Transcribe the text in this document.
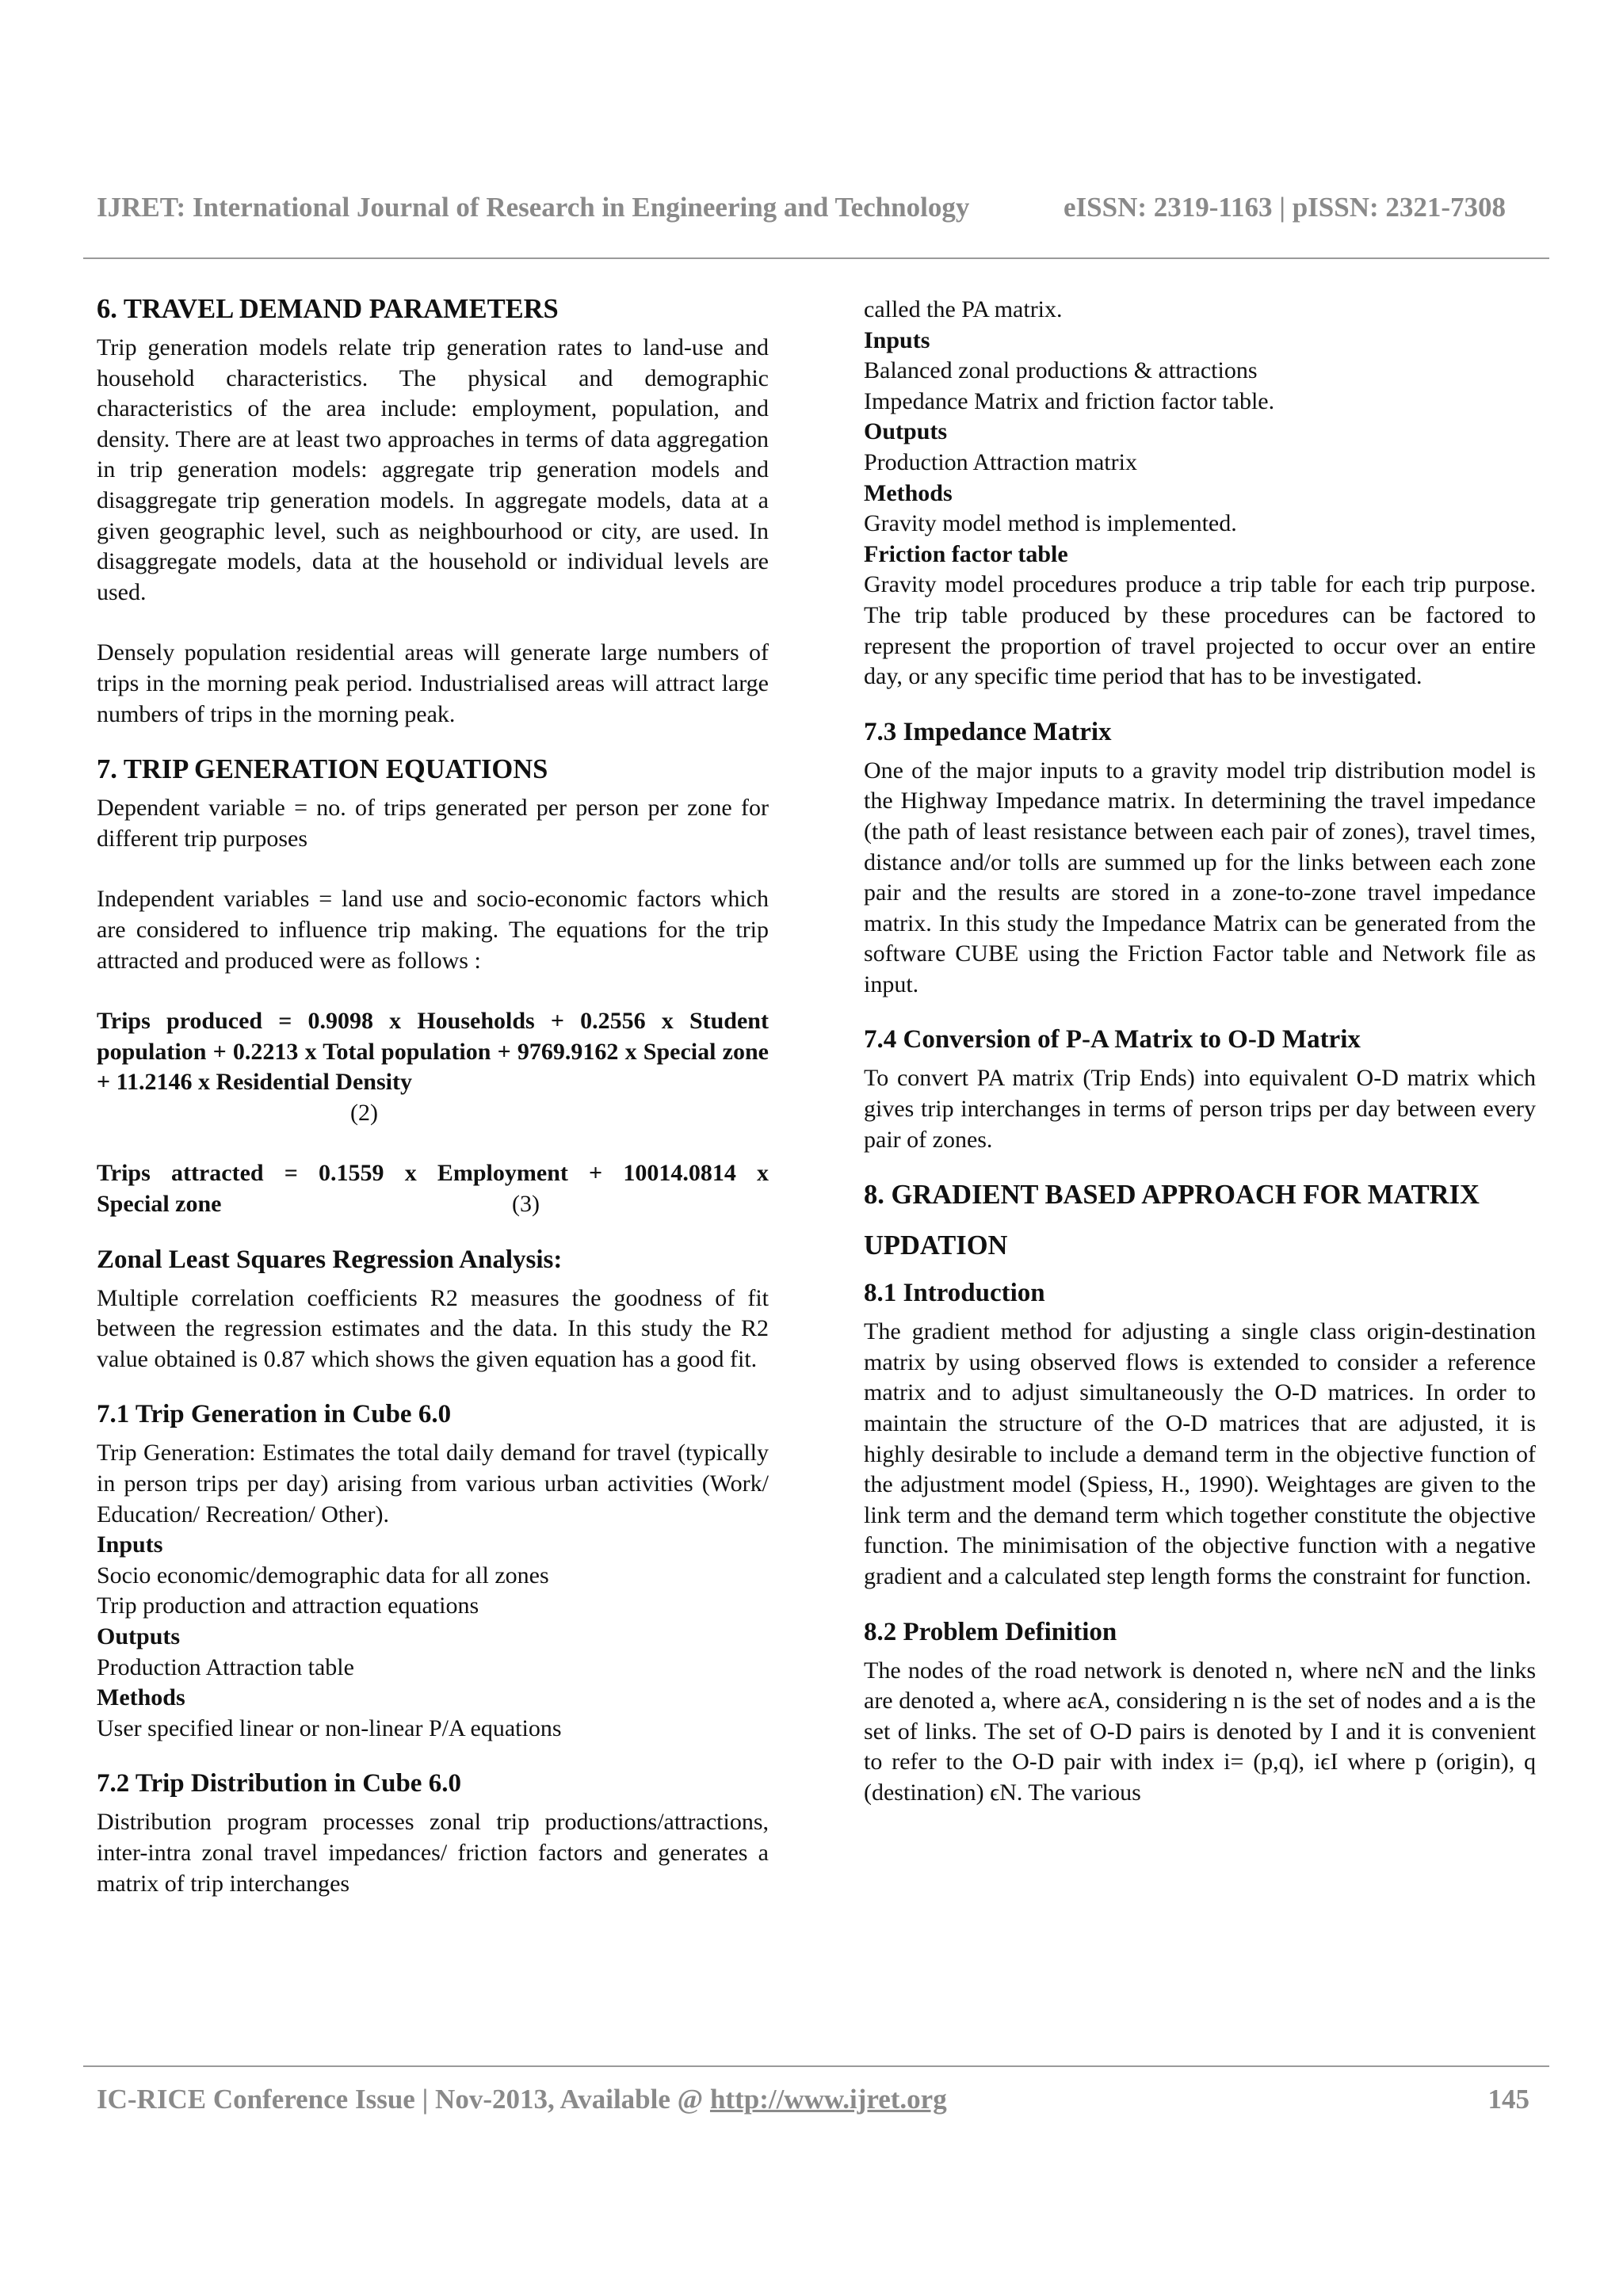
IJRET: International Journal of Research in Engineering and Technology	eISSN: 2319-1163 | pISSN: 2321-7308
6. TRAVEL DEMAND PARAMETERS

Trip generation models relate trip generation rates to land-use and household characteristics. The physical and demographic characteristics of the area include: employment, population, and density. There are at least two approaches in terms of data aggregation in trip generation models: aggregate trip generation models and disaggregate trip generation models. In aggregate models, data at a given geographic level, such as neighbourhood or city, are used. In disaggregate models, data at the household or individual levels are used.

Densely population residential areas will generate large numbers of trips in the morning peak period. Industrialised areas will attract large numbers of trips in the morning peak.

7. TRIP GENERATION EQUATIONS

Dependent variable = no. of trips generated per person per zone for different trip purposes

Independent variables = land use and socio-economic factors which are considered to influence trip making. The equations for the trip attracted and produced were as follows :

Trips produced = 0.9098 x Households + 0.2556 x Student population + 0.2213 x Total population + 9769.9162 x Special zone + 11.2146 x Residential Density

(2)

Trips attracted = 0.1559 x Employment + 10014.0814 x

Special zone	(3)
Zonal Least Squares Regression Analysis:

Multiple correlation coefficients R2 measures the goodness of fit between the regression estimates and the data. In this study the R2 value obtained is 0.87 which shows the given equation has a good fit.

7.1 Trip Generation in Cube 6.0

Trip Generation: Estimates the total daily demand for travel (typically in person trips per day) arising from various urban activities (Work/ Education/ Recreation/ Other).

Inputs
Socio economic/demographic data for all zones
Trip production and attraction equations
Outputs
Production Attraction table
Methods
User specified linear or non-linear P/A equations
7.2 Trip Distribution in Cube 6.0

Distribution program processes zonal trip productions/attractions, inter-intra zonal travel impedances/ friction factors and generates a matrix of trip interchanges

called the PA matrix.
Inputs
Balanced zonal productions & attractions
Impedance Matrix and friction factor table.
Outputs
Production Attraction matrix
Methods
Gravity model method is implemented.
Friction factor table

Gravity model procedures produce a trip table for each trip purpose. The trip table produced by these procedures can be factored to represent the proportion of travel projected to occur over an entire day, or any specific time period that has to be investigated.

7.3 Impedance Matrix

One of the major inputs to a gravity model trip distribution model is the Highway Impedance matrix. In determining the travel impedance (the path of least resistance between each pair of zones), travel times, distance and/or tolls are summed up for the links between each zone pair and the results are stored in a zone-to-zone travel impedance matrix. In this study the Impedance Matrix can be generated from the software CUBE using the Friction Factor table and Network file as input.

7.4 Conversion of P-A Matrix to O-D Matrix

To convert PA matrix (Trip Ends) into equivalent O-D matrix which gives trip interchanges in terms of person trips per day between every pair of zones.

8. GRADIENT BASED APPROACH FOR MATRIX
UPDATION
8.1 Introduction

The gradient method for adjusting a single class origin-destination matrix by using observed flows is extended to consider a reference matrix and to adjust simultaneously the O-D matrices. In order to maintain the structure of the O-D matrices that are adjusted, it is highly desirable to include a demand term in the objective function of the adjustment model (Spiess, H., 1990). Weightages are given to the link term and the demand term which together constitute the objective function. The minimisation of the objective function with a negative gradient and a calculated step length forms the constraint for function.

8.2 Problem Definition

The nodes of the road network is denoted n, where nϵN and the links are denoted a, where aϵA, considering n is the set of nodes and a is the set of links. The set of O-D pairs is denoted by I and it is convenient to refer to the O-D pair with index i= (p,q), iϵI where p (origin), q (destination) ϵN. The various

IC-RICE Conference Issue | Nov-2013, Available @ http://www.ijret.org	145
